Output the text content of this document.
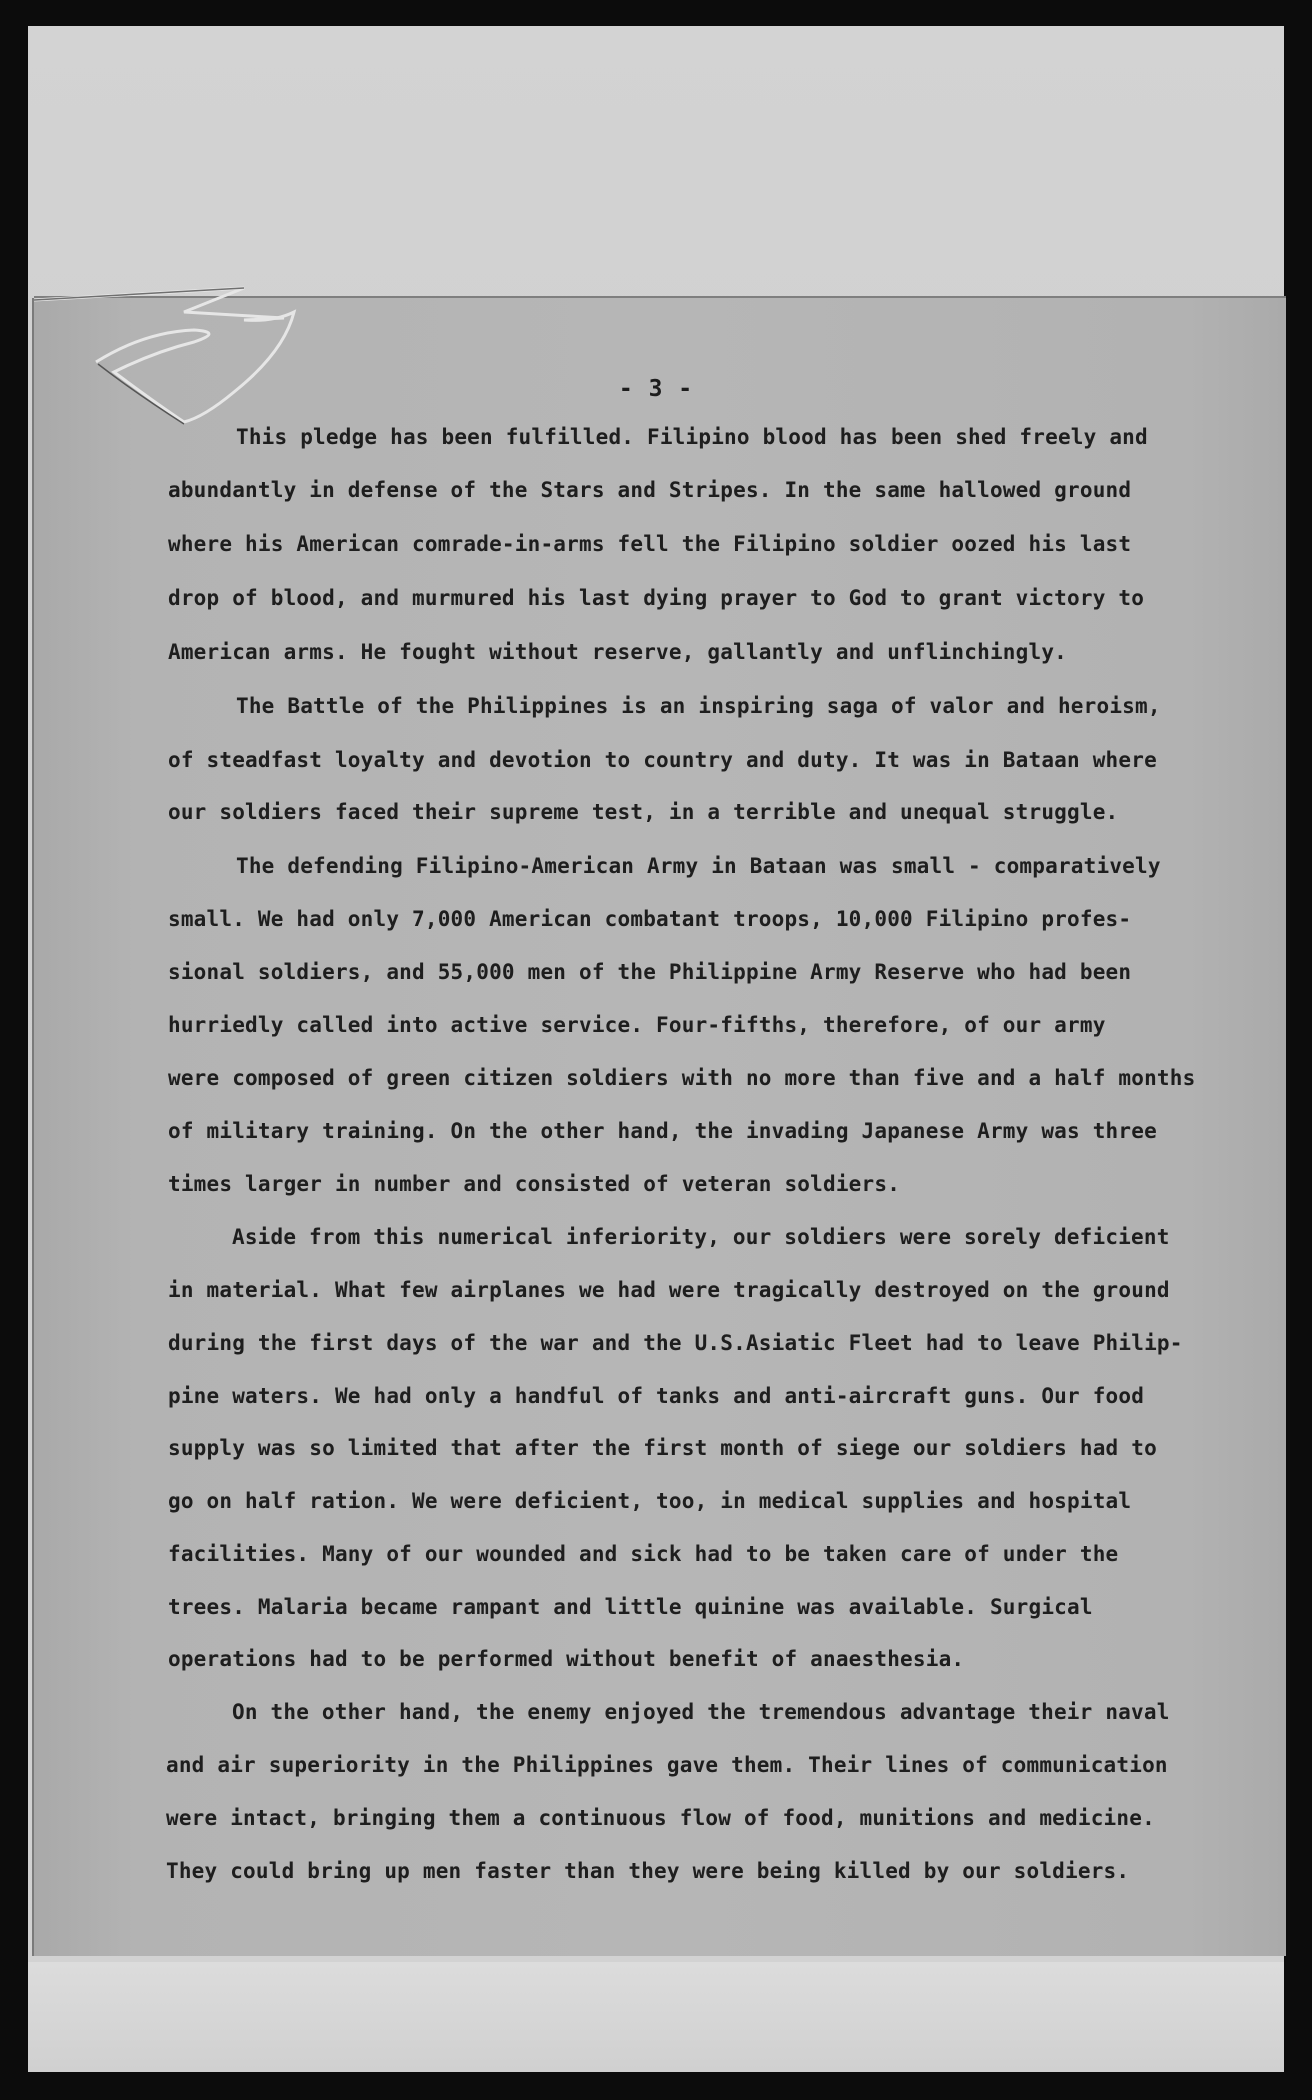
- 3 -
This pledge has been fulfilled. Filipino blood has been shed freely and
abundantly in defense of the Stars and Stripes. In the same hallowed ground
where his American comrade-in-arms fell the Filipino soldier oozed his last
drop of blood, and murmured his last dying prayer to God to grant victory to
American arms. He fought without reserve, gallantly and unflinchingly.
The Battle of the Philippines is an inspiring saga of valor and heroism,
of steadfast loyalty and devotion to country and duty. It was in Bataan where
our soldiers faced their supreme test, in a terrible and unequal struggle.
The defending Filipino-American Army in Bataan was small - comparatively
small. We had only 7,000 American combatant troops, 10,000 Filipino profes-
sional soldiers, and 55,000 men of the Philippine Army Reserve who had been
hurriedly called into active service. Four-fifths, therefore, of our army
were composed of green citizen soldiers with no more than five and a half months
of military training. On the other hand, the invading Japanese Army was three
times larger in number and consisted of veteran soldiers.
Aside from this numerical inferiority, our soldiers were sorely deficient
in material. What few airplanes we had were tragically destroyed on the ground
during the first days of the war and the U.S.Asiatic Fleet had to leave Philip-
pine waters. We had only a handful of tanks and anti-aircraft guns. Our food
supply was so limited that after the first month of siege our soldiers had to
go on half ration. We were deficient, too, in medical supplies and hospital
facilities. Many of our wounded and sick had to be taken care of under the
trees. Malaria became rampant and little quinine was available. Surgical
operations had to be performed without benefit of anaesthesia.
On the other hand, the enemy enjoyed the tremendous advantage their naval
and air superiority in the Philippines gave them. Their lines of communication
were intact, bringing them a continuous flow of food, munitions and medicine.
They could bring up men faster than they were being killed by our soldiers.
